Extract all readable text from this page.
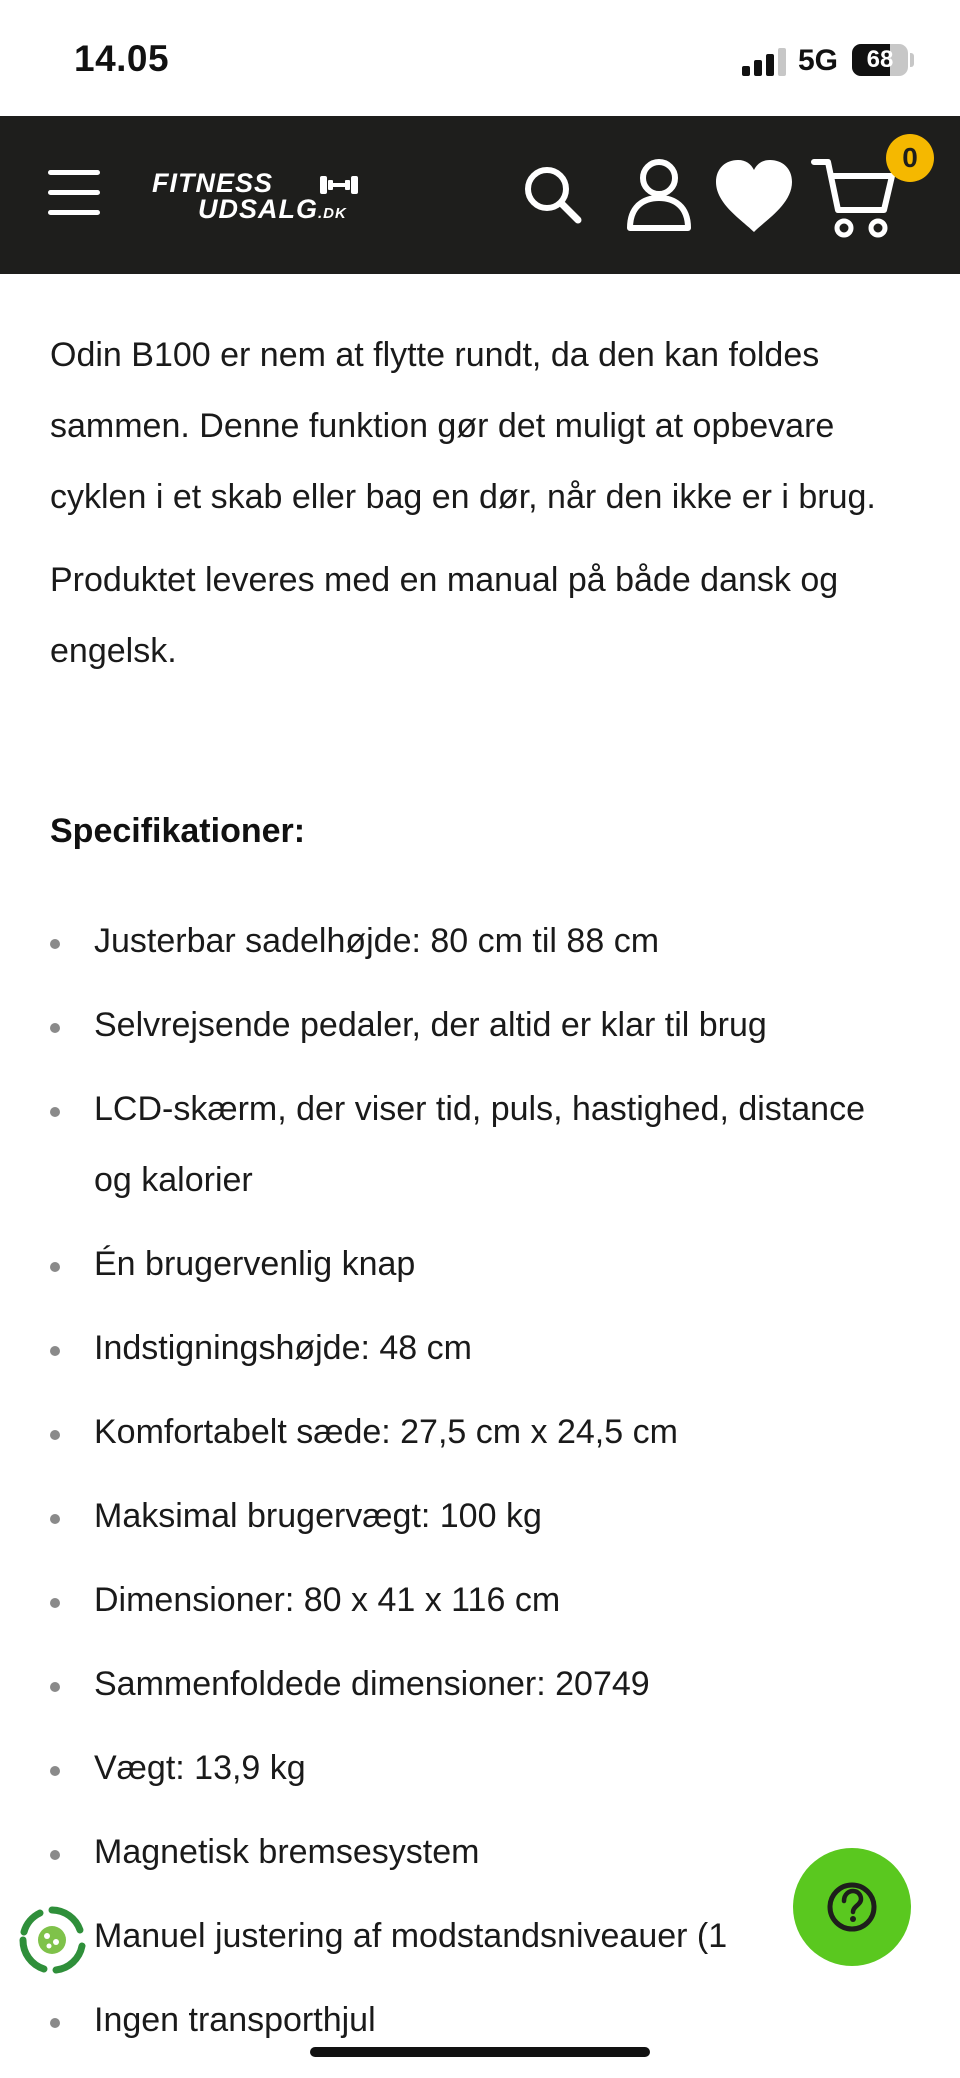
14.05	5G	68
FITNESS
UDSALG.DK
0

Odin B100 er nem at flytte rundt, da den kan foldes sammen. Denne funktion gør det muligt at opbevare cyklen i et skab eller bag en dør, når den ikke er i brug.

Produktet leveres med en manual på både dansk og engelsk.

Specifikationer:
Justerbar sadelhøjde: 80 cm til 88 cm
Selvrejsende pedaler, der altid er klar til brug
LCD-skærm, der viser tid, puls, hastighed, distance og kalorier
Én brugervenlig knap
Indstigningshøjde: 48 cm
Komfortabelt sæde: 27,5 cm x 24,5 cm
Maksimal brugervægt: 100 kg
Dimensioner: 80 x 41 x 116 cm
Sammenfoldede dimensioner: 20749
Vægt: 13,9 kg
Magnetisk bremsesystem
Manuel justering af modstandsniveauer (1
Ingen transporthjul
